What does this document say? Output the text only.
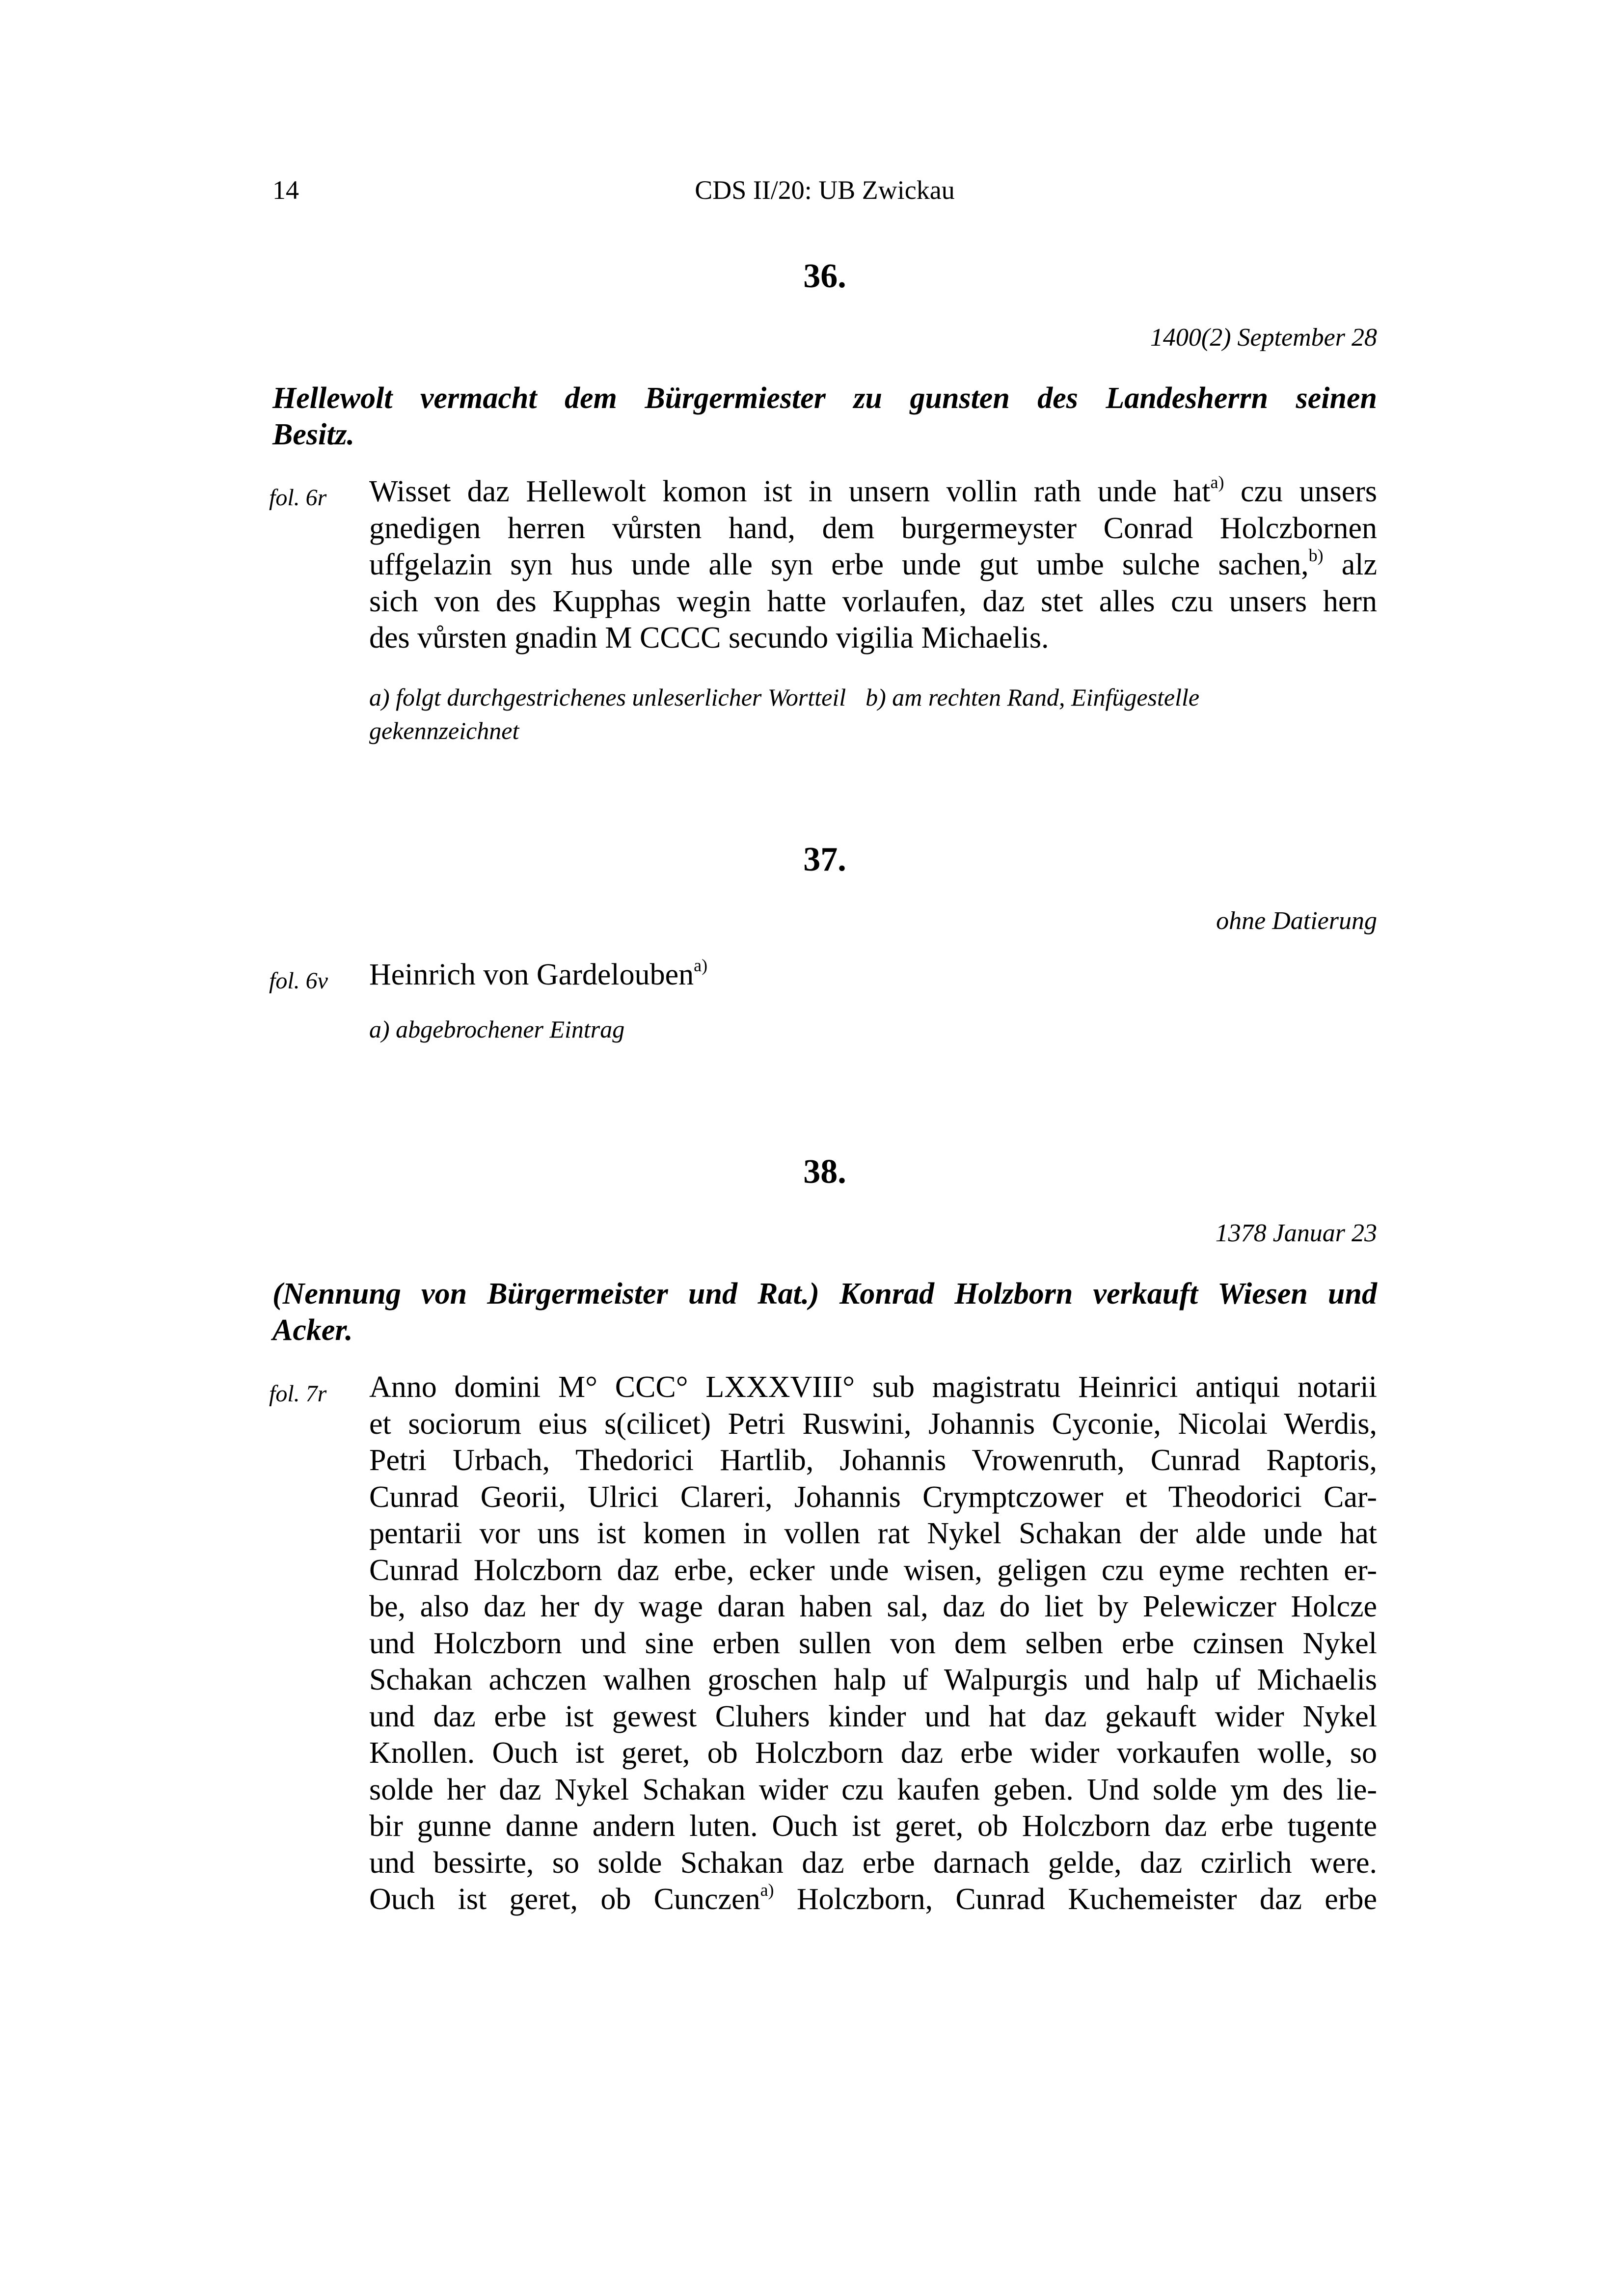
14	CDS II/20: UB Zwickau
36.
1400(2) September 28
Hellewolt vermacht dem Bürgermiester zu gunsten des Landesherrn seinen
Besitz.
fol. 6r Wisset daz Hellewolt komon ist in unsern vollin rath unde hat$^{a)}$ czu unsers
gnedigen herren vůrsten hand, dem burgermeyster Conrad Holczbornen
uffgelazin syn hus unde alle syn erbe unde gut umbe sulche sachen,$^{b)}$ alz
sich von des Kupphas wegin hatte vorlaufen, daz stet alles czu unsers hern
des vůrsten gnadin M CCCC secundo vigilia Michaelis.
a) folgt durchgestrichenes unleserlicher Wortteil b) am rechten Rand, Einfügestelle
gekennzeichnet
37.
ohne Datierung
fol. 6v Heinrich von Gardelouben$^{a)}$
a) abgebrochener Eintrag
38.
1378 Januar 23
(Nennung von Bürgermeister und Rat.) Konrad Holzborn verkauft Wiesen und
Acker.
fol. 7r Anno domini M° CCC° LXXXVIII° sub magistratu Heinrici antiqui notarii
et sociorum eius s(cilicet) Petri Ruswini, Johannis Cyconie, Nicolai Werdis,
Petri Urbach, Thedorici Hartlib, Johannis Vrowenruth, Cunrad Raptoris,
Cunrad Georii, Ulrici Clareri, Johannis Crymptczower et Theodorici Car-
pentarii vor uns ist komen in vollen rat Nykel Schakan der alde unde hat
Cunrad Holczborn daz erbe, ecker unde wisen, geligen czu eyme rechten er-
be, also daz her dy wage daran haben sal, daz do liet by Pelewiczer Holcze
und Holczborn und sine erben sullen von dem selben erbe czinsen Nykel
Schakan achczen walhen groschen halp uf Walpurgis und halp uf Michaelis
und daz erbe ist gewest Cluhers kinder und hat daz gekauft wider Nykel
Knollen. Ouch ist geret, ob Holczborn daz erbe wider vorkaufen wolle, so
solde her daz Nykel Schakan wider czu kaufen geben. Und solde ym des lie-
bir gunne danne andern luten. Ouch ist geret, ob Holczborn daz erbe tugente
und bessirte, so solde Schakan daz erbe darnach gelde, daz czirlich were.
Ouch ist geret, ob Cunczen$^{a)}$ Holczborn, Cunrad Kuchemeister daz erbe
